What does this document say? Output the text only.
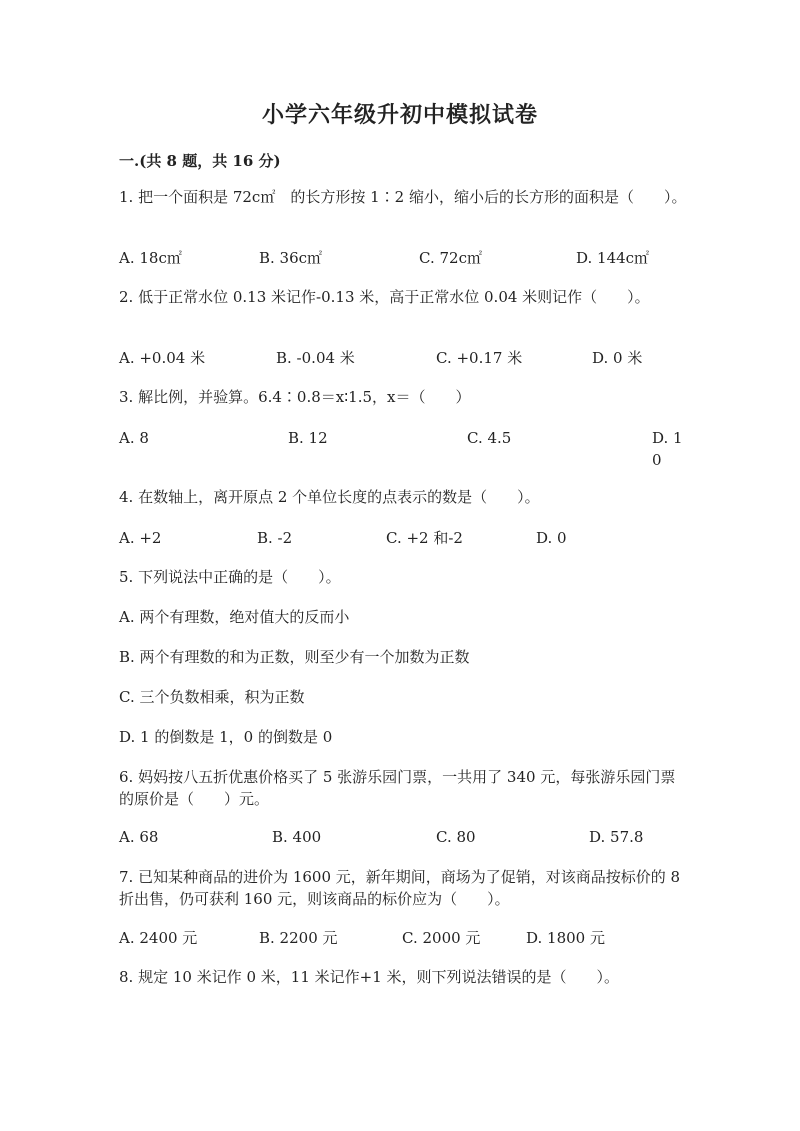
小学六年级升初中模拟试卷
一.(共 8 题，共 16 分)
1. 把一个面积是 72c㎡　的长方形按 1∶2 缩小，缩小后的长方形的面积是（　　）。
A. 18c㎡	B. 36c㎡	C. 72c㎡	D. 144c㎡
2. 低于正常水位 0.13 米记作-0.13 米，高于正常水位 0.04 米则记作（　　）。
A. +0.04 米	B. -0.04 米	C. +0.17 米	D. 0 米
3. 解比例，并验算。6.4∶0.8＝x∶1.5，x＝（　　）
A. 8	B. 12	C. 4.5	D. 10
4. 在数轴上，离开原点 2 个单位长度的点表示的数是（　　）。
A. +2	B. -2	C. +2 和-2	D. 0
5. 下列说法中正确的是（　　）。
A. 两个有理数，绝对值大的反而小
B. 两个有理数的和为正数，则至少有一个加数为正数
C. 三个负数相乘，积为正数
D. 1 的倒数是 1，0 的倒数是 0
6. 妈妈按八五折优惠价格买了 5 张游乐园门票，一共用了 340 元，每张游乐园门票的原价是（　　）元。
A. 68	B. 400	C. 80	D. 57.8
7. 已知某种商品的进价为 1600 元，新年期间，商场为了促销，对该商品按标价的 8 折出售，仍可获利 160 元，则该商品的标价应为（　　）。
A. 2400 元	B. 2200 元	C. 2000 元	D. 1800 元
8. 规定 10 米记作 0 米，11 米记作+1 米，则下列说法错误的是（　　）。
